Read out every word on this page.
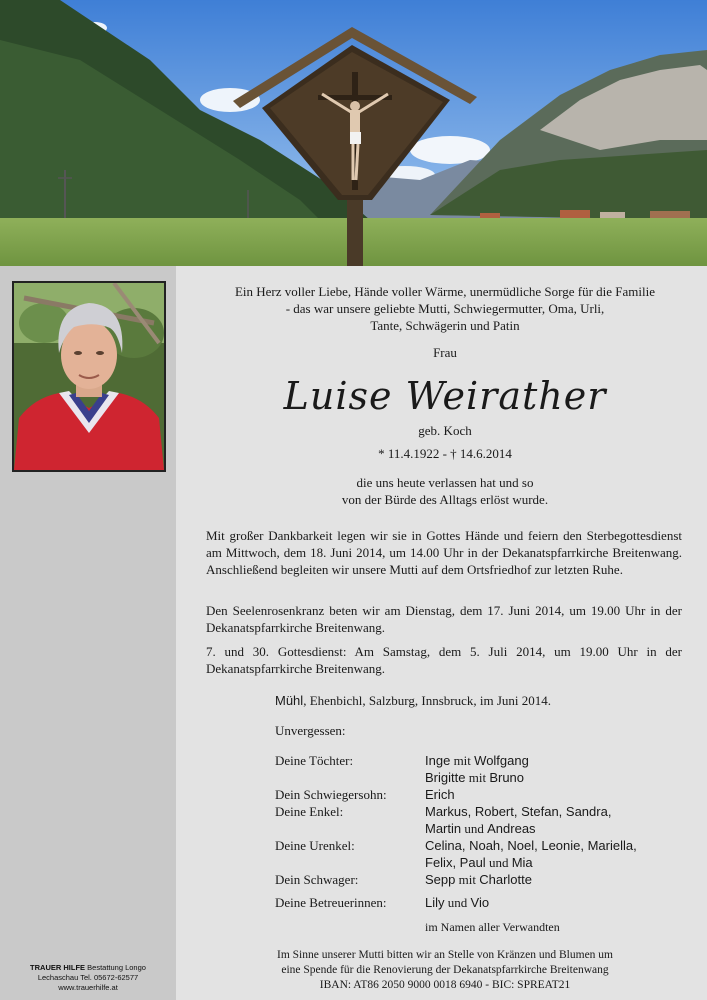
Ein Herz voller Liebe, Hände voller Wärme, unermüdliche Sorge für die Familie
- das war unsere geliebte Mutti, Schwiegermutter, Oma, Urli,
Tante, Schwägerin und Patin
Frau
Luise Weirather
geb. Koch
* 11.4.1922 - † 14.6.2014
die uns heute verlassen hat und so
von der Bürde des Alltags erlöst wurde.
Mit großer Dankbarkeit legen wir sie in Gottes Hände und feiern den Sterbegottesdienst am Mittwoch, dem 18. Juni 2014, um 14.00 Uhr in der Dekanatspfarrkirche Breitenwang. Anschließend begleiten wir unsere Mutti auf dem Ortsfriedhof zur letzten Ruhe.
Den Seelenrosenkranz beten wir am Dienstag, dem 17. Juni 2014, um 19.00 Uhr in der Dekanatspfarrkirche Breitenwang.
7. und 30. Gottesdienst: Am Samstag, dem 5. Juli 2014, um 19.00 Uhr in der Dekanatspfarrkirche Breitenwang.
Mühl, Ehenbichl, Salzburg, Innsbruck, im Juni 2014.
Unvergessen:
Deine Töchter:	Inge mit Wolfgang
Brigitte mit Bruno
Dein Schwiegersohn:	Erich
Deine Enkel:	Markus, Robert, Stefan, Sandra,
Martin und Andreas
Deine Urenkel:	Celina, Noah, Noel, Leonie, Mariella,
Felix, Paul und Mia
Dein Schwager:	Sepp mit Charlotte
Deine Betreuerinnen:	Lily und Vio
im Namen aller Verwandten
Im Sinne unserer Mutti bitten wir an Stelle von Kränzen und Blumen um
eine Spende für die Renovierung der Dekanatspfarrkirche Breitenwang
IBAN: AT86 2050 9000 0018 6940 - BIC: SPREAT21
TRAUER HILFE Bestattung Longo
Lechaschau Tel. 05672-62577
www.trauerhilfe.at
